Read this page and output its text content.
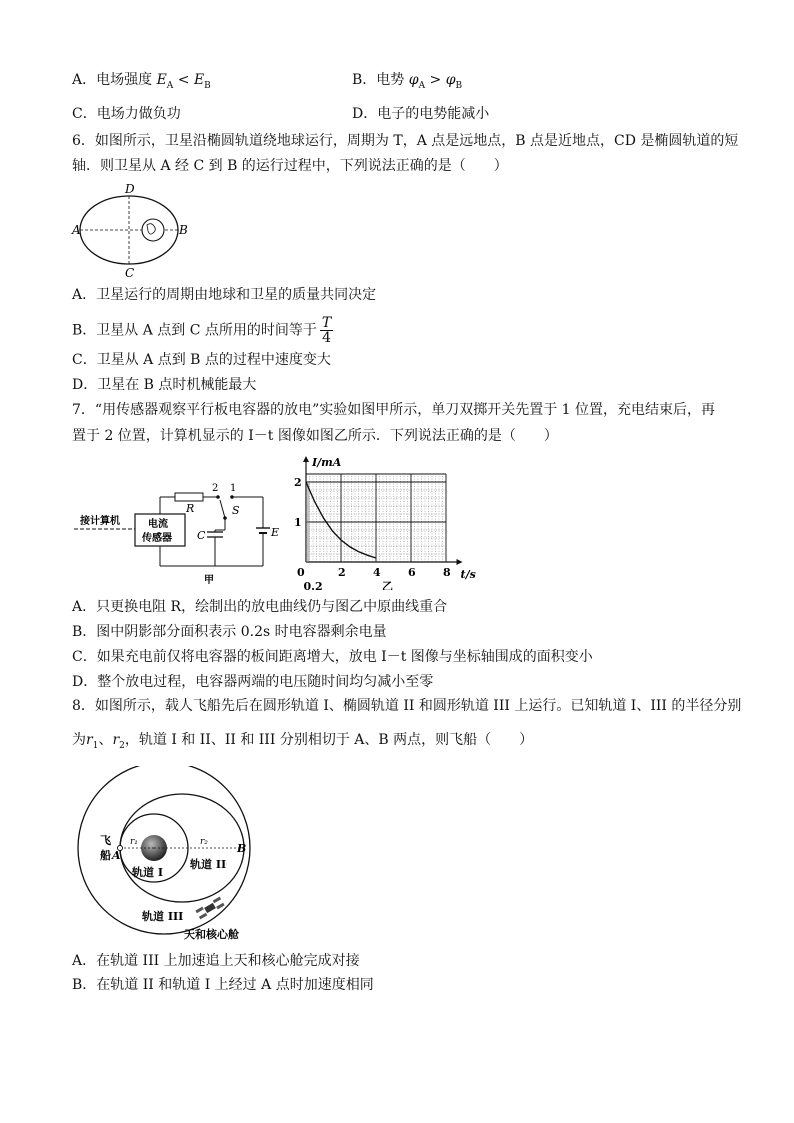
A．电场强度 $E_A < E_B$	B．电势 $\varphi_A > \varphi_B$
C．电场力做负功	D．电子的电势能减小
6．如图所示，卫星沿椭圆轨道绕地球运行，周期为 T，A 点是远地点，B 点是近地点，CD 是椭圆轨道的短
轴．则卫星从 A 经 C 到 B 的运行过程中，下列说法正确的是（　　）
A	B
D
C
A．卫星运行的周期由地球和卫星的质量共同决定
B．卫星从 A 点到 C 点所用的时间等于 $\frac{T}{4}$
C．卫星从 A 点到 B 点的过程中速度变大
D．卫星在 B 点时机械能最大
7．“用传感器观察平行板电容器的放电”实验如图甲所示，单刀双掷开关先置于 1 位置，充电结束后，再
置于 2 位置，计算机显示的 I－t 图像如图乙所示．下列说法正确的是（　　）
接计算机	电流
传感器
2
R
1
E
S
C
甲
0	2 4 6 8
1
2
0.2
I/mA
t/s
乙
A．只更换电阻 R，绘制出的放电曲线仍与图乙中原曲线重合
B．图中阴影部分面积表示 0.2s 时电容器剩余电量
C．如果充电前仅将电容器的板间距离增大，放电 I－t 图像与坐标轴围成的面积变小
D．整个放电过程，电容器两端的电压随时间均匀减小至零
8．如图所示，载人飞船先后在圆形轨道 I、椭圆轨道 II 和圆形轨道 III 上运行。已知轨道 I、III 的半径分别
为$r_1$、$r_2$，轨道 I 和 II、II 和 III 分别相切于 A、B 两点，则飞船（　　）
飞
船 A
B
r₁	r₂
轨道 I
轨道 II
轨道 III
天和核心舱
A．在轨道 III 上加速追上天和核心舱完成对接
B．在轨道 II 和轨道 I 上经过 A 点时加速度相同
